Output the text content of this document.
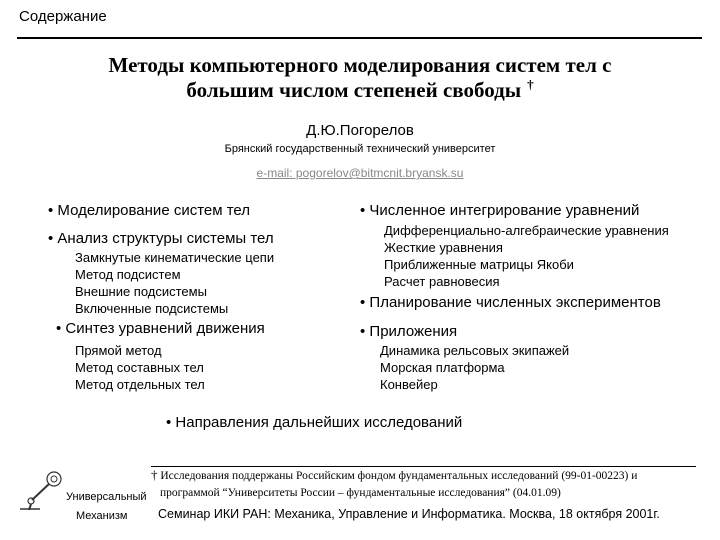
Содержание
Методы компьютерного моделирования систем тел с
большим числом степеней свободы †
Д.Ю.Погорелов
Брянский государственный технический университет
e-mail: pogorelov@bitmcnit.bryansk.su
• Моделирование систем тел
• Анализ структуры системы тел
Замкнутые кинематические цепи
Метод подсистем
Внешние подсистемы
Включенные подсистемы
• Синтез уравнений движения
Прямой метод
Метод составных тел
Метод отдельных тел
• Численное интегрирование уравнений
Дифференциально-алгебраические уравнения
Жесткие уравнения
Приближенные матрицы Якоби
Расчет равновесия
• Планирование численных экспериментов
• Приложения
Динамика рельсовых экипажей
Морская платформа
Конвейер
• Направления дальнейших исследований
† Исследования поддержаны Российским фондом фундаментальных исследований (99-01-00223) и
программой “Университеты России – фундаментальные исследования” (04.01.09)
Универсальный
Механизм Семинар ИКИ РАН: Механика, Управление и Информатика. Москва, 18 октября 2001г.
